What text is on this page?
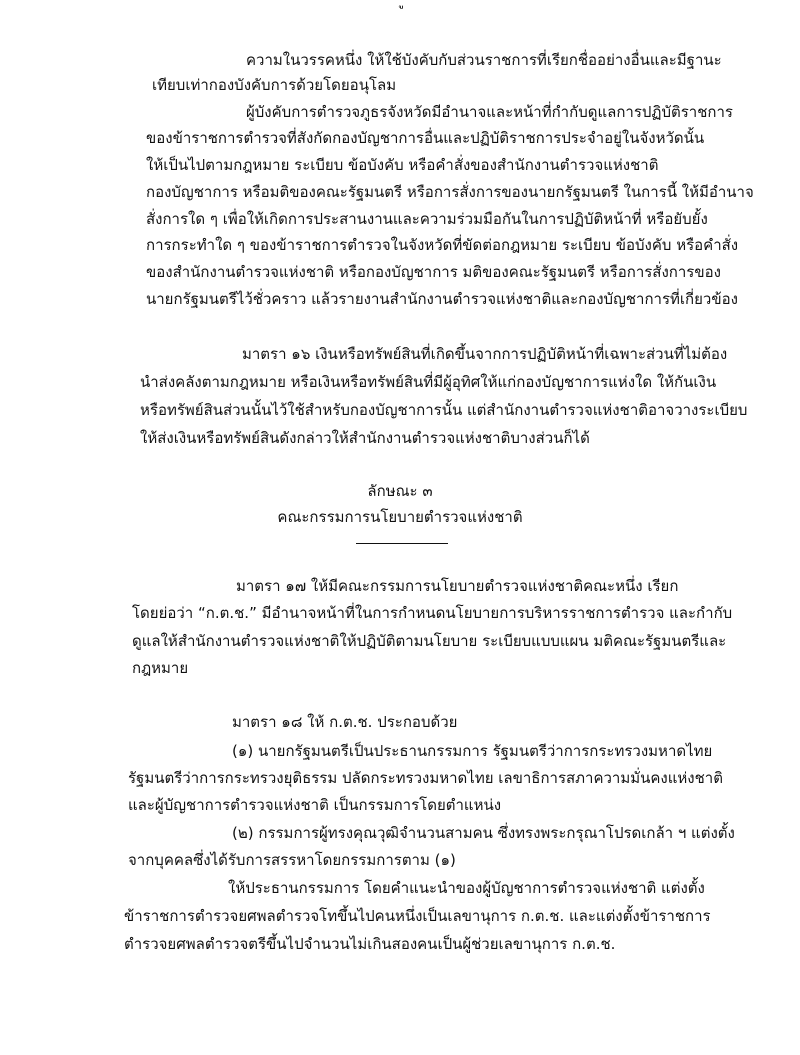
ความในวรรคหนึ่ง ให้ใช้บังคับกับส่วนราชการที่เรียกชื่ออย่างอื่นและมีฐานะ
เทียบเท่ากองบังคับการด้วยโดยอนุโลม
ผู้บังคับการตำรวจภูธรจังหวัดมีอำนาจและหน้าที่กำกับดูแลการปฏิบัติราชการ
ของข้าราชการตำรวจที่สังกัดกองบัญชาการอื่นและปฏิบัติราชการประจำอยู่ในจังหวัดนั้น
ให้เป็นไปตามกฎหมาย ระเบียบ ข้อบังคับ หรือคำสั่งของสำนักงานตำรวจแห่งชาติ
กองบัญชาการ หรือมติของคณะรัฐมนตรี หรือการสั่งการของนายกรัฐมนตรี ในการนี้ ให้มีอำนาจ
สั่งการใด ๆ เพื่อให้เกิดการประสานงานและความร่วมมือกันในการปฏิบัติหน้าที่ หรือยับยั้ง
การกระทำใด ๆ ของข้าราชการตำรวจในจังหวัดที่ขัดต่อกฎหมาย ระเบียบ ข้อบังคับ หรือคำสั่ง
ของสำนักงานตำรวจแห่งชาติ หรือกองบัญชาการ มติของคณะรัฐมนตรี หรือการสั่งการของ
นายกรัฐมนตรีไว้ชั่วคราว แล้วรายงานสำนักงานตำรวจแห่งชาติและกองบัญชาการที่เกี่ยวข้อง
มาตรา ๑๖ เงินหรือทรัพย์สินที่เกิดขึ้นจากการปฏิบัติหน้าที่เฉพาะส่วนที่ไม่ต้อง
นำส่งคลังตามกฎหมาย หรือเงินหรือทรัพย์สินที่มีผู้อุทิศให้แก่กองบัญชาการแห่งใด ให้กันเงิน
หรือทรัพย์สินส่วนนั้นไว้ใช้สำหรับกองบัญชาการนั้น แต่สำนักงานตำรวจแห่งชาติอาจวางระเบียบ
ให้ส่งเงินหรือทรัพย์สินดังกล่าวให้สำนักงานตำรวจแห่งชาติบางส่วนก็ได้
ลักษณะ ๓
คณะกรรมการนโยบายตำรวจแห่งชาติ
มาตรา ๑๗ ให้มีคณะกรรมการนโยบายตำรวจแห่งชาติคณะหนึ่ง เรียก
โดยย่อว่า “ก.ต.ช.” มีอำนาจหน้าที่ในการกำหนดนโยบายการบริหารราชการตำรวจ และกำกับ
ดูแลให้สำนักงานตำรวจแห่งชาติให้ปฏิบัติตามนโยบาย ระเบียบแบบแผน มติคณะรัฐมนตรีและ
กฎหมาย
มาตรา ๑๘ ให้ ก.ต.ช. ประกอบด้วย
(๑) นายกรัฐมนตรีเป็นประธานกรรมการ รัฐมนตรีว่าการกระทรวงมหาดไทย
รัฐมนตรีว่าการกระทรวงยุติธรรม ปลัดกระทรวงมหาดไทย เลขาธิการสภาความมั่นคงแห่งชาติ
และผู้บัญชาการตำรวจแห่งชาติ เป็นกรรมการโดยตำแหน่ง
(๒) กรรมการผู้ทรงคุณวุฒิจำนวนสามคน ซึ่งทรงพระกรุณาโปรดเกล้า ฯ แต่งตั้ง
จากบุคคลซึ่งได้รับการสรรหาโดยกรรมการตาม (๑)
ให้ประธานกรรมการ โดยคำแนะนำของผู้บัญชาการตำรวจแห่งชาติ แต่งตั้ง
ข้าราชการตำรวจยศพลตำรวจโทขึ้นไปคนหนึ่งเป็นเลขานุการ ก.ต.ช. และแต่งตั้งข้าราชการ
ตำรวจยศพลตำรวจตรีขึ้นไปจำนวนไม่เกินสองคนเป็นผู้ช่วยเลขานุการ ก.ต.ช.
